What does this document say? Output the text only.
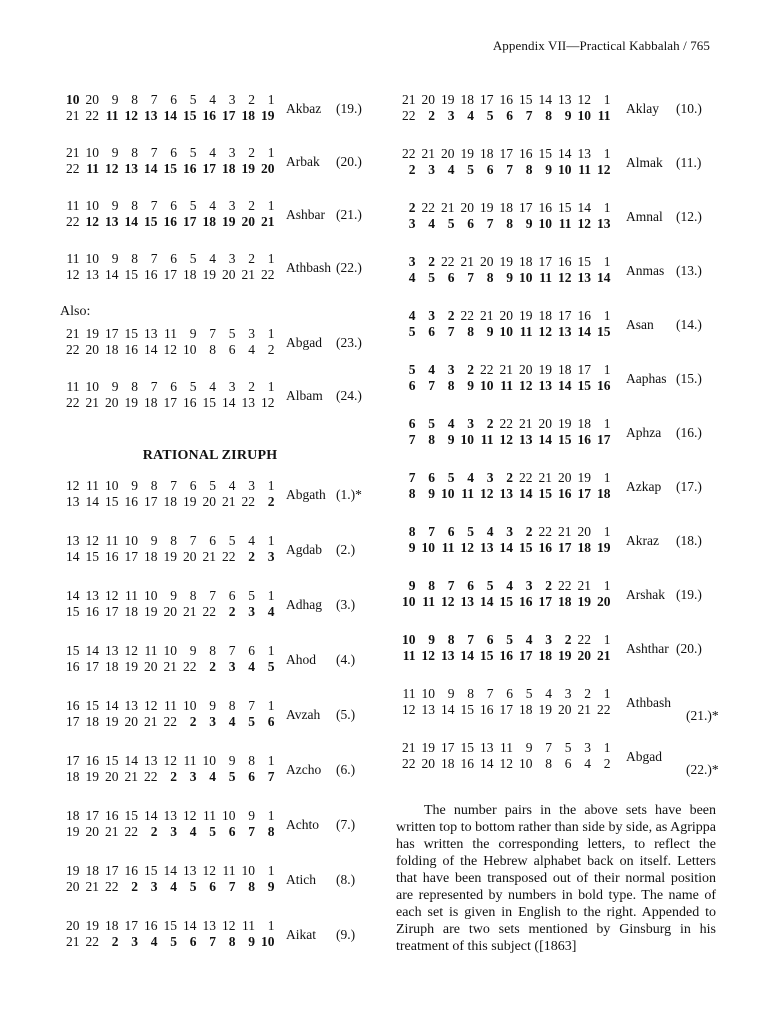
Appendix VII—Practical Kabbalah / 765
10 20 9 8 7 6 5 4 3 2 1
21 22 11 12 13 14 15 16 17 18 19 Akbaz (19.)
21 10 9 8 7 6 5 4 3 2 1
22 11 12 13 14 15 16 17 18 19 20 Arbak (20.)
11 10 9 8 7 6 5 4 3 2 1
22 12 13 14 15 16 17 18 19 20 21 Ashbar (21.)
11 10 9 8 7 6 5 4 3 2 1
12 13 14 15 16 17 18 19 20 21 22 Athbash (22.)
Also:
21 19 17 15 13 11 9 7 5 3 1
22 20 18 16 14 12 10 8 6 4 2 Abgad (23.)
11 10 9 8 7 6 5 4 3 2 1
22 21 20 19 18 17 16 15 14 13 12 Albam (24.)
RATIONAL ZIRUPH
12 11 10 9 8 7 6 5 4 3 1
13 14 15 16 17 18 19 20 21 22 2 Abgath (1.)*
13 12 11 10 9 8 7 6 5 4 1
14 15 16 17 18 19 20 21 22 2 3 Agdab (2.)
14 13 12 11 10 9 8 7 6 5 1
15 16 17 18 19 20 21 22 2 3 4 Adhag (3.)
15 14 13 12 11 10 9 8 7 6 1
16 17 18 19 20 21 22 2 3 4 5 Ahod (4.)
16 15 14 13 12 11 10 9 8 7 1
17 18 19 20 21 22 2 3 4 5 6 Avzah (5.)
17 16 15 14 13 12 11 10 9 8 1
18 19 20 21 22 2 3 4 5 6 7 Azcho (6.)
18 17 16 15 14 13 12 11 10 9 1
19 20 21 22 2 3 4 5 6 7 8 Achto (7.)
19 18 17 16 15 14 13 12 11 10 1
20 21 22 2 3 4 5 6 7 8 9 Atich (8.)
20 19 18 17 16 15 14 13 12 11 1
21 22 2 3 4 5 6 7 8 9 10 Aikat (9.)
21 20 19 18 17 16 15 14 13 12 1
22 2 3 4 5 6 7 8 9 10 11 Aklay (10.)
22 21 20 19 18 17 16 15 14 13 1
2 3 4 5 6 7 8 9 10 11 12 Almak (11.)
2 22 21 20 19 18 17 16 15 14 1
3 4 5 6 7 8 9 10 11 12 13 Amnal (12.)
3 2 22 21 20 19 18 17 16 15 1
4 5 6 7 8 9 10 11 12 13 14 Anmas (13.)
4 3 2 22 21 20 19 18 17 16 1
5 6 7 8 9 10 11 12 13 14 15 Asan (14.)
5 4 3 2 22 21 20 19 18 17 1
6 7 8 9 10 11 12 13 14 15 16 Aaphas (15.)
6 5 4 3 2 22 21 20 19 18 1
7 8 9 10 11 12 13 14 15 16 17 Aphza (16.)
7 6 5 4 3 2 22 21 20 19 1
8 9 10 11 12 13 14 15 16 17 18 Azkap (17.)
8 7 6 5 4 3 2 22 21 20 1
9 10 11 12 13 14 15 16 17 18 19 Akraz (18.)
9 8 7 6 5 4 3 2 22 21 1
10 11 12 13 14 15 16 17 18 19 20 Arshak (19.)
10 9 8 7 6 5 4 3 2 22 1
11 12 13 14 15 16 17 18 19 20 21 Ashthar (20.)
11 10 9 8 7 6 5 4 3 2 1
12 13 14 15 16 17 18 19 20 21 22 Athbash
(21.)*
21 19 17 15 13 11 9 7 5 3 1
22 20 18 16 14 12 10 8 6 4 2 Abgad
(22.)*

The number pairs in the above sets have been written top to bottom rather than side by side, as Agrippa has written the corresponding letters, to reflect the folding of the Hebrew alphabet back on itself. Letters that have been transposed out of their normal position are represented by numbers in bold type. The name of each set is given in English to the right. Appended to Ziruph are two sets mentioned by Ginsburg in his treatment of this subject ([1863]
